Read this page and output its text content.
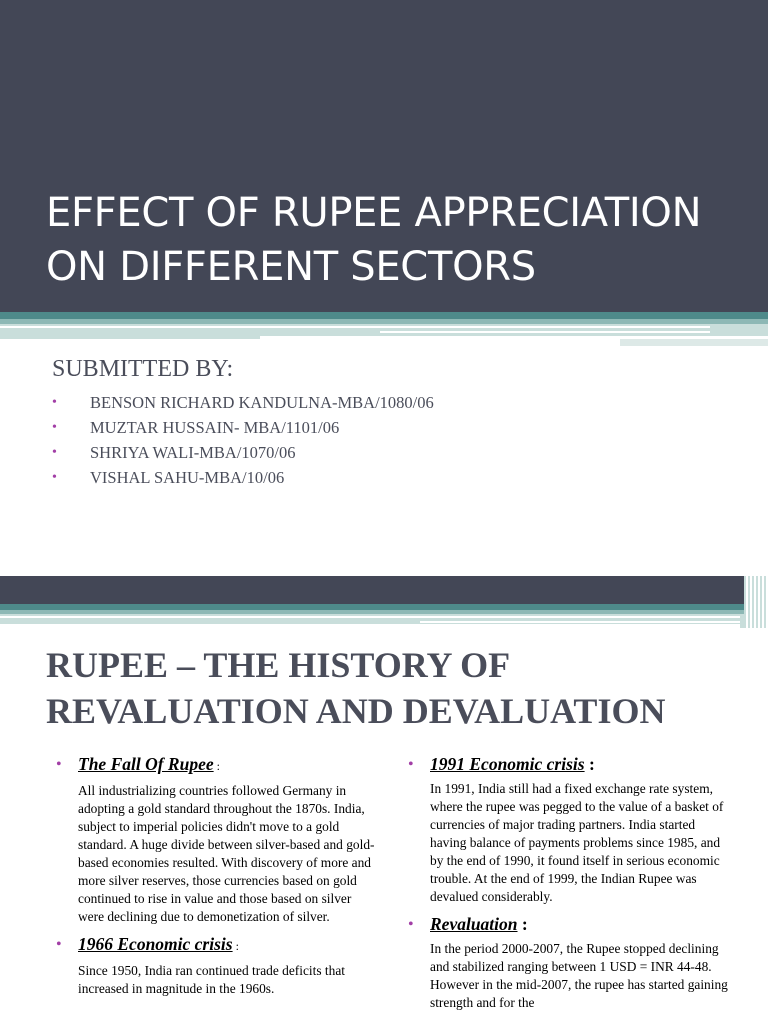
EFFECT OF RUPEE APPRECIATION
ON DIFFERENT SECTORS
SUBMITTED BY:
• BENSON RICHARD KANDULNA-MBA/1080/06
• MUZTAR HUSSAIN- MBA/1101/06
• SHRIYA WALI-MBA/1070/06
• VISHAL SAHU-MBA/10/06
RUPEE – THE HISTORY OF
REVALUATION AND DEVALUATION
• The Fall Of Rupee :

All industrializing countries followed Germany in adopting a gold standard throughout the 1870s. India, subject to imperial policies didn't move to a gold standard. A huge divide between silver-based and gold-based economies resulted. With discovery of more and more silver reserves, those currencies based on gold continued to rise in value and those based on silver were declining due to demonetization of silver.

• 1966 Economic crisis :

Since 1950, India ran continued trade deficits that increased in magnitude in the 1960s.

• 1991 Economic crisis :

In 1991, India still had a fixed exchange rate system, where the rupee was pegged to the value of a basket of currencies of major trading partners. India started having balance of payments problems since 1985, and by the end of 1990, it found itself in serious economic trouble. At the end of 1999, the Indian Rupee was devalued considerably.

• Revaluation :

In the period 2000-2007, the Rupee stopped declining and stabilized ranging between 1 USD = INR 44-48. However in the mid-2007, the rupee has started gaining strength and for the
